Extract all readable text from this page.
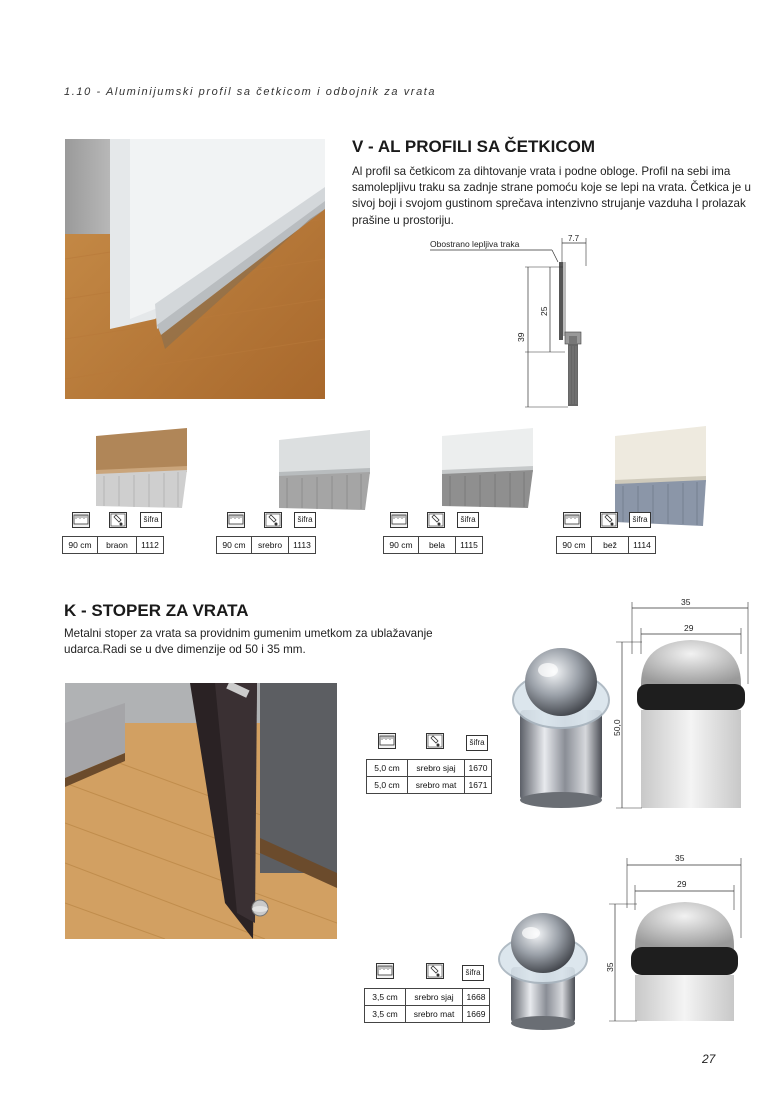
1.10 - Aluminijumski profil sa četkicom i odbojnik za vrata
V - AL PROFILI SA ČETKICOM
Al profil sa četkicom za dihtovanje vrata i podne obloge. Profil na sebi ima samolepljivu traku sa zadnje strane pomoću koje se lepi na vrata. Četkica je u sivoj boji i svojom gustinom sprečava intenzivno strujanje vazduha I prolazak prašine u prostoriju.
Obostrano lepljiva traka
7.7
25
39
šifra
90 cm	braon	1112
šifra
90 cm	srebro	1113
šifra
90 cm	bela	1115
šifra
90 cm	bež	1114
K - STOPER ZA VRATA
Metalni stoper za vrata sa providnim gumenim umetkom za ublažavanje udarca.Radi se u dve dimenzije od 50 i 35 mm.
35
29
50,0
35
29
35
šifra
5,0 cm	srebro sjaj	1670
5,0 cm	srebro mat	1671
šifra
3,5 cm	srebro sjaj	1668
3,5 cm	srebro mat	1669
27
